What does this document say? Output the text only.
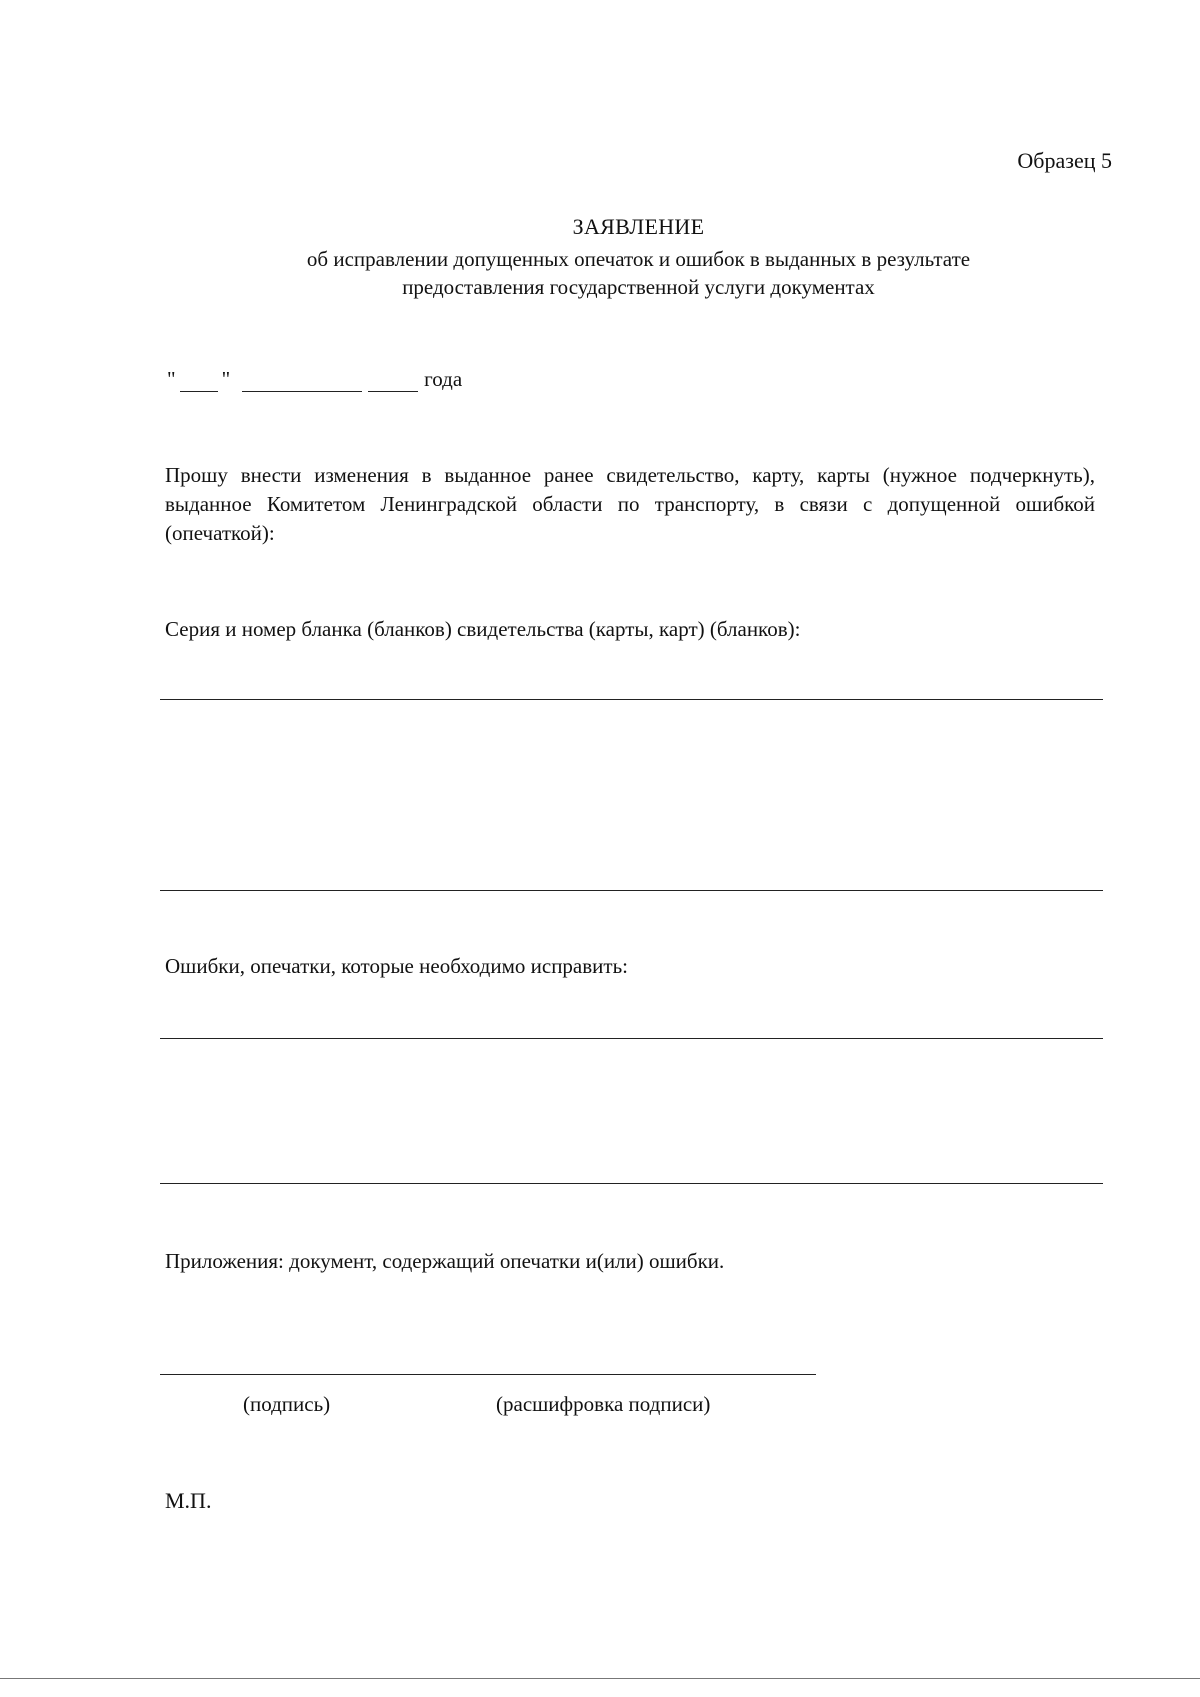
Образец 5
ЗАЯВЛЕНИЕ
об исправлении допущенных опечаток и ошибок в выданных в результате
предоставления государственной услуги документах
" "	года

Прошу внести изменения в выданное ранее свидетельство, карту, карты (нужное подчеркнуть), выданное Комитетом Ленинградской области по транспорту, в связи с допущенной ошибкой (опечаткой):

Серия и номер бланка (бланков) свидетельства (карты, карт) (бланков):
Ошибки, опечатки, которые необходимо исправить:
Приложения: документ, содержащий опечатки и(или) ошибки.
(подпись)	(расшифровка подписи)
М.П.
